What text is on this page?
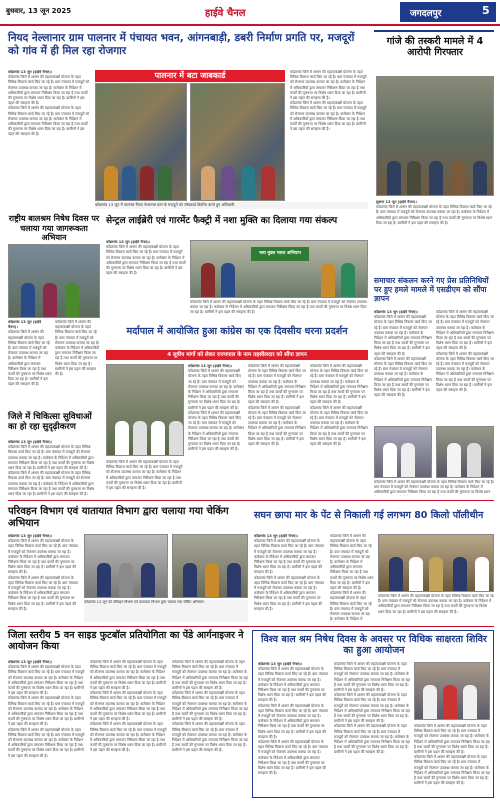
बुधवार, 13 जून 2025	हाईवे चैनल	जगदलपुर	5
नियद नेल्लानार ग्राम पालनार में पंचायत भवन, आंगनबाड़ी, डबरी निर्माण प्रगति पर, मजदूरों को गांव में ही मिल रहा रोजगार
कोंडागांव 13 जून (हाईवे चैनल)।
कोंडागांव जिले में शासन की महत्वाकांक्षी योजना के तहत विभिन्न विकास कार्य किए जा रहे हैं। ग्राम पंचायत में मजदूरों को रोजगार उपलब्ध कराया जा रहा है। कलेक्टर के निर्देशन में अधिकारियों द्वारा लगातार निरीक्षण किया जा रहा है तथा कार्यों की गुणवत्ता पर विशेष ध्यान दिया जा रहा है। ग्रामीणों ने इस पहल की सराहना की है।
कोंडागांव जिले में शासन की महत्वाकांक्षी योजना के तहत विभिन्न विकास कार्य किए जा रहे हैं। ग्राम पंचायत में मजदूरों को रोजगार उपलब्ध कराया जा रहा है। कलेक्टर के निर्देशन में अधिकारियों द्वारा लगातार निरीक्षण किया जा रहा है तथा कार्यों की गुणवत्ता पर विशेष ध्यान दिया जा रहा है। ग्रामीणों ने इस पहल की सराहना की है।
पालनार में बटा जाबकार्ड	कोंडागांव जिले में शासन की महत्वाकांक्षी योजना के तहत विभिन्न विकास कार्य किए जा रहे हैं। ग्राम पंचायत में मजदूरों को रोजगार उपलब्ध कराया जा रहा है। कलेक्टर के निर्देशन में अधिकारियों द्वारा लगातार निरीक्षण किया जा रहा है तथा कार्यों की गुणवत्ता पर विशेष ध्यान दिया जा रहा है। ग्रामीणों ने इस पहल की सराहना की है।
कोंडागांव जिले में शासन की महत्वाकांक्षी योजना के तहत विभिन्न विकास कार्य किए जा रहे हैं। ग्राम पंचायत में मजदूरों को रोजगार उपलब्ध कराया जा रहा है। कलेक्टर के निर्देशन में अधिकारियों द्वारा लगातार निरीक्षण किया जा रहा है तथा कार्यों की गुणवत्ता पर विशेष ध्यान दिया जा रहा है। ग्रामीणों ने इस पहल की सराहना की है।
कोंडागांव 13 जून में पालनार नियद नेल्लानार ग्राम के मजदूरों को जॉबकार्ड वितरित करते हुए अधिकारी
गांजे की तस्करी मामले में 4 आरोपी गिरफ्तार
सुकमा 13 जून (हाईवे चैनल)।
कोंडागांव जिले में शासन की महत्वाकांक्षी योजना के तहत विभिन्न विकास कार्य किए जा रहे हैं। ग्राम पंचायत में मजदूरों को रोजगार उपलब्ध कराया जा रहा है। कलेक्टर के निर्देशन में अधिकारियों द्वारा लगातार निरीक्षण किया जा रहा है तथा कार्यों की गुणवत्ता पर विशेष ध्यान दिया जा रहा है। ग्रामीणों ने इस पहल की सराहना की है।
राष्ट्रीय बालश्रम निषेध दिवस पर चलाया गया जागरूकता अभियान
कोंडागांव 13 जून (हाईवे चैनल)।
कोंडागांव जिले में शासन की महत्वाकांक्षी योजना के तहत विभिन्न विकास कार्य किए जा रहे हैं। ग्राम पंचायत में मजदूरों को रोजगार उपलब्ध कराया जा रहा है। कलेक्टर के निर्देशन में अधिकारियों द्वारा लगातार निरीक्षण किया जा रहा है तथा कार्यों की गुणवत्ता पर विशेष ध्यान दिया जा रहा है। ग्रामीणों ने इस पहल की सराहना की है।
कोंडागांव जिले में शासन की महत्वाकांक्षी योजना के तहत विभिन्न विकास कार्य किए जा रहे हैं। ग्राम पंचायत में मजदूरों को रोजगार उपलब्ध कराया जा रहा है। कलेक्टर के निर्देशन में अधिकारियों द्वारा लगातार निरीक्षण किया जा रहा है तथा कार्यों की गुणवत्ता पर विशेष ध्यान दिया जा रहा है। ग्रामीणों ने इस पहल की सराहना की है।
सेन्ट्रल लाईब्रेरी एवं गारमेंट फैक्ट्री में नशा मुक्ति का दिलाया गया संकल्प
कोंडागांव 13 जून (हाईवे चैनल)।
कोंडागांव जिले में शासन की महत्वाकांक्षी योजना के तहत विभिन्न विकास कार्य किए जा रहे हैं। ग्राम पंचायत में मजदूरों को रोजगार उपलब्ध कराया जा रहा है। कलेक्टर के निर्देशन में अधिकारियों द्वारा लगातार निरीक्षण किया जा रहा है तथा कार्यों की गुणवत्ता पर विशेष ध्यान दिया जा रहा है। ग्रामीणों ने इस पहल की सराहना की है।
नशा मुक्त भारत अभियान
कोंडागांव जिले में शासन की महत्वाकांक्षी योजना के तहत विभिन्न विकास कार्य किए जा रहे हैं। ग्राम पंचायत में मजदूरों को रोजगार उपलब्ध कराया जा रहा है। कलेक्टर के निर्देशन में अधिकारियों द्वारा लगातार निरीक्षण किया जा रहा है तथा कार्यों की गुणवत्ता पर विशेष ध्यान दिया जा रहा है। ग्रामीणों ने इस पहल की सराहना की है।
समाचार संकलन करने गए प्रेस प्रतिनिधियों पर हुए हमले मामले में एसडीएम को सौंपा ज्ञापन
कोंडागांव 13 जून (हाईवे चैनल)।
कोंडागांव जिले में शासन की महत्वाकांक्षी योजना के तहत विभिन्न विकास कार्य किए जा रहे हैं। ग्राम पंचायत में मजदूरों को रोजगार उपलब्ध कराया जा रहा है। कलेक्टर के निर्देशन में अधिकारियों द्वारा लगातार निरीक्षण किया जा रहा है तथा कार्यों की गुणवत्ता पर विशेष ध्यान दिया जा रहा है। ग्रामीणों ने इस पहल की सराहना की है।
कोंडागांव जिले में शासन की महत्वाकांक्षी योजना के तहत विभिन्न विकास कार्य किए जा रहे हैं। ग्राम पंचायत में मजदूरों को रोजगार उपलब्ध कराया जा रहा है। कलेक्टर के निर्देशन में अधिकारियों द्वारा लगातार निरीक्षण किया जा रहा है तथा कार्यों की गुणवत्ता पर विशेष ध्यान दिया जा रहा है। ग्रामीणों ने इस पहल की सराहना की है।
कोंडागांव जिले में शासन की महत्वाकांक्षी योजना के तहत विभिन्न विकास कार्य किए जा रहे हैं। ग्राम पंचायत में मजदूरों को रोजगार उपलब्ध कराया जा रहा है। कलेक्टर के निर्देशन में अधिकारियों द्वारा लगातार निरीक्षण किया जा रहा है तथा कार्यों की गुणवत्ता पर विशेष ध्यान दिया जा रहा है। ग्रामीणों ने इस पहल की सराहना की है।
कोंडागांव जिले में शासन की महत्वाकांक्षी योजना के तहत विभिन्न विकास कार्य किए जा रहे हैं। ग्राम पंचायत में मजदूरों को रोजगार उपलब्ध कराया जा रहा है। कलेक्टर के निर्देशन में अधिकारियों द्वारा लगातार निरीक्षण किया जा रहा है तथा कार्यों की गुणवत्ता पर विशेष ध्यान दिया जा रहा है। ग्रामीणों ने इस पहल की सराहना की है।
जिले में चिकित्सा सुविधाओं का हो रहा सुदृढ़ीकरण
कोंडागांव 13 जून (हाईवे चैनल)।
कोंडागांव जिले में शासन की महत्वाकांक्षी योजना के तहत विभिन्न विकास कार्य किए जा रहे हैं। ग्राम पंचायत में मजदूरों को रोजगार उपलब्ध कराया जा रहा है। कलेक्टर के निर्देशन में अधिकारियों द्वारा लगातार निरीक्षण किया जा रहा है तथा कार्यों की गुणवत्ता पर विशेष ध्यान दिया जा रहा है। ग्रामीणों ने इस पहल की सराहना की है।
कोंडागांव जिले में शासन की महत्वाकांक्षी योजना के तहत विभिन्न विकास कार्य किए जा रहे हैं। ग्राम पंचायत में मजदूरों को रोजगार उपलब्ध कराया जा रहा है। कलेक्टर के निर्देशन में अधिकारियों द्वारा लगातार निरीक्षण किया जा रहा है तथा कार्यों की गुणवत्ता पर विशेष ध्यान दिया जा रहा है। ग्रामीणों ने इस पहल की सराहना की है।
मर्दापाल में आयोजित हुआ कांग्रेस का एक दिवसीय धरना प्रदर्शन
4 सूत्रीय मांगों को लेकर राज्यपाल के नाम तहसीलदार को सौंपा ज्ञापन
कोंडागांव 13 जून (हाईवे चैनल)।
कोंडागांव जिले में शासन की महत्वाकांक्षी योजना के तहत विभिन्न विकास कार्य किए जा रहे हैं। ग्राम पंचायत में मजदूरों को रोजगार उपलब्ध कराया जा रहा है। कलेक्टर के निर्देशन में अधिकारियों द्वारा लगातार निरीक्षण किया जा रहा है तथा कार्यों की गुणवत्ता पर विशेष ध्यान दिया जा रहा है। ग्रामीणों ने इस पहल की सराहना की है।
कोंडागांव जिले में शासन की महत्वाकांक्षी योजना के तहत विभिन्न विकास कार्य किए जा रहे हैं। ग्राम पंचायत में मजदूरों को रोजगार उपलब्ध कराया जा रहा है। कलेक्टर के निर्देशन में अधिकारियों द्वारा लगातार निरीक्षण किया जा रहा है तथा कार्यों की गुणवत्ता पर विशेष ध्यान दिया जा रहा है। ग्रामीणों ने इस पहल की सराहना की है।
कोंडागांव जिले में शासन की महत्वाकांक्षी योजना के तहत विभिन्न विकास कार्य किए जा रहे हैं। ग्राम पंचायत में मजदूरों को रोजगार उपलब्ध कराया जा रहा है। कलेक्टर के निर्देशन में अधिकारियों द्वारा लगातार निरीक्षण किया जा रहा है तथा कार्यों की गुणवत्ता पर विशेष ध्यान दिया जा रहा है। ग्रामीणों ने इस पहल की सराहना की है।
कोंडागांव जिले में शासन की महत्वाकांक्षी योजना के तहत विभिन्न विकास कार्य किए जा रहे हैं। ग्राम पंचायत में मजदूरों को रोजगार उपलब्ध कराया जा रहा है। कलेक्टर के निर्देशन में अधिकारियों द्वारा लगातार निरीक्षण किया जा रहा है तथा कार्यों की गुणवत्ता पर विशेष ध्यान दिया जा रहा है। ग्रामीणों ने इस पहल की सराहना की है।
कोंडागांव जिले में शासन की महत्वाकांक्षी योजना के तहत विभिन्न विकास कार्य किए जा रहे हैं। ग्राम पंचायत में मजदूरों को रोजगार उपलब्ध कराया जा रहा है। कलेक्टर के निर्देशन में अधिकारियों द्वारा लगातार निरीक्षण किया जा रहा है तथा कार्यों की गुणवत्ता पर विशेष ध्यान दिया जा रहा है। ग्रामीणों ने इस पहल की सराहना की है।
कोंडागांव जिले में शासन की महत्वाकांक्षी योजना के तहत विभिन्न विकास कार्य किए जा रहे हैं। ग्राम पंचायत में मजदूरों को रोजगार उपलब्ध कराया जा रहा है। कलेक्टर के निर्देशन में अधिकारियों द्वारा लगातार निरीक्षण किया जा रहा है तथा कार्यों की गुणवत्ता पर विशेष ध्यान दिया जा रहा है। ग्रामीणों ने इस पहल की सराहना की है।
कोंडागांव जिले में शासन की महत्वाकांक्षी योजना के तहत विभिन्न विकास कार्य किए जा रहे हैं। ग्राम पंचायत में मजदूरों को रोजगार उपलब्ध कराया जा रहा है। कलेक्टर के निर्देशन में अधिकारियों द्वारा लगातार निरीक्षण किया जा रहा है तथा कार्यों की गुणवत्ता पर विशेष ध्यान दिया जा रहा है। ग्रामीणों ने इस पहल की सराहना की है।
कोंडागांव जिले में शासन की महत्वाकांक्षी योजना के तहत विभिन्न विकास कार्य किए जा रहे हैं। ग्राम पंचायत में मजदूरों को रोजगार उपलब्ध कराया जा रहा है। कलेक्टर के निर्देशन में अधिकारियों द्वारा लगातार निरीक्षण किया जा रहा है तथा कार्यों की गुणवत्ता पर विशेष ध्यान
परिवहन विभाग एवं यातायात विभाग द्वारा चलाया गया चेकिंग अभियान
कोंडागांव 13 जून (हाईवे चैनल)।
कोंडागांव जिले में शासन की महत्वाकांक्षी योजना के तहत विभिन्न विकास कार्य किए जा रहे हैं। ग्राम पंचायत में मजदूरों को रोजगार उपलब्ध कराया जा रहा है। कलेक्टर के निर्देशन में अधिकारियों द्वारा लगातार निरीक्षण किया जा रहा है तथा कार्यों की गुणवत्ता पर विशेष ध्यान दिया जा रहा है। ग्रामीणों ने इस पहल की सराहना की है।
कोंडागांव जिले में शासन की महत्वाकांक्षी योजना के तहत विभिन्न विकास कार्य किए जा रहे हैं। ग्राम पंचायत में मजदूरों को रोजगार उपलब्ध कराया जा रहा है। कलेक्टर के निर्देशन में अधिकारियों द्वारा लगातार निरीक्षण किया जा रहा है तथा कार्यों की गुणवत्ता पर विशेष ध्यान दिया जा रहा है। ग्रामीणों ने इस पहल की सराहना की है।
कोंडागांव 13 जून को परिवहन विभाग एवं यातायात विभाग द्वारा चलाया गया चेकिंग अभियान
सघन छापा मार के पेंट से निकाली गई लगभग 80 किलो पॉलीथीन
कोंडागांव 13 जून (हाईवे चैनल)।
कोंडागांव जिले में शासन की महत्वाकांक्षी योजना के तहत विभिन्न विकास कार्य किए जा रहे हैं। ग्राम पंचायत में मजदूरों को रोजगार उपलब्ध कराया जा रहा है। कलेक्टर के निर्देशन में अधिकारियों द्वारा लगातार निरीक्षण किया जा रहा है तथा कार्यों की गुणवत्ता पर विशेष ध्यान दिया जा रहा है। ग्रामीणों ने इस पहल की सराहना की है।
कोंडागांव जिले में शासन की महत्वाकांक्षी योजना के तहत विभिन्न विकास कार्य किए जा रहे हैं। ग्राम पंचायत में मजदूरों को रोजगार उपलब्ध कराया जा रहा है। कलेक्टर के निर्देशन में अधिकारियों द्वारा लगातार निरीक्षण किया जा रहा है तथा कार्यों की गुणवत्ता पर विशेष ध्यान दिया जा रहा है। ग्रामीणों ने इस पहल की सराहना की है।
कोंडागांव जिले में शासन की महत्वाकांक्षी योजना के तहत विभिन्न विकास कार्य किए जा रहे हैं। ग्राम पंचायत में मजदूरों को रोजगार उपलब्ध कराया जा रहा है। कलेक्टर के निर्देशन में अधिकारियों द्वारा लगातार निरीक्षण किया जा रहा है तथा कार्यों की गुणवत्ता पर विशेष ध्यान दिया जा रहा है। ग्रामीणों ने इस पहल की सराहना की है।
कोंडागांव जिले में शासन की महत्वाकांक्षी योजना के तहत विभिन्न विकास कार्य किए जा रहे हैं। ग्राम पंचायत में मजदूरों को रोजगार उपलब्ध कराया जा रहा है। कलेक्टर के निर्देशन में
कोंडागांव जिले में शासन की महत्वाकांक्षी योजना के तहत विभिन्न विकास कार्य किए जा रहे हैं। ग्राम पंचायत में मजदूरों को रोजगार उपलब्ध कराया जा रहा है। कलेक्टर के निर्देशन में अधिकारियों द्वारा लगातार निरीक्षण किया जा रहा है तथा कार्यों की गुणवत्ता पर विशेष ध्यान दिया जा रहा है। ग्रामीणों ने इस पहल की सराहना की है।
जिला स्तरीय 5 वन साइड फुटबॉल प्रतियोगिता का पेंडे आर्गनाइजर ने आयोजन किया
कोंडागांव 13 जून (हाईवे चैनल)।
कोंडागांव जिले में शासन की महत्वाकांक्षी योजना के तहत विभिन्न विकास कार्य किए जा रहे हैं। ग्राम पंचायत में मजदूरों को रोजगार उपलब्ध कराया जा रहा है। कलेक्टर के निर्देशन में अधिकारियों द्वारा लगातार निरीक्षण किया जा रहा है तथा कार्यों की गुणवत्ता पर विशेष ध्यान दिया जा रहा है। ग्रामीणों ने इस पहल की सराहना की है।
कोंडागांव जिले में शासन की महत्वाकांक्षी योजना के तहत विभिन्न विकास कार्य किए जा रहे हैं। ग्राम पंचायत में मजदूरों को रोजगार उपलब्ध कराया जा रहा है। कलेक्टर के निर्देशन में अधिकारियों द्वारा लगातार निरीक्षण किया जा रहा है तथा कार्यों की गुणवत्ता पर विशेष ध्यान दिया जा रहा है। ग्रामीणों ने इस पहल की सराहना की है।
कोंडागांव जिले में शासन की महत्वाकांक्षी योजना के तहत विभिन्न विकास कार्य किए जा रहे हैं। ग्राम पंचायत में मजदूरों को रोजगार उपलब्ध कराया जा रहा है। कलेक्टर के निर्देशन में अधिकारियों द्वारा लगातार निरीक्षण किया जा रहा है तथा कार्यों की गुणवत्ता पर विशेष ध्यान दिया जा रहा है। ग्रामीणों ने इस पहल की सराहना की है।
कोंडागांव जिले में शासन की महत्वाकांक्षी योजना के तहत विभिन्न विकास कार्य किए जा रहे हैं। ग्राम पंचायत में मजदूरों को रोजगार उपलब्ध कराया जा रहा है। कलेक्टर के निर्देशन में अधिकारियों द्वारा लगातार निरीक्षण किया जा रहा है तथा कार्यों की गुणवत्ता पर विशेष ध्यान दिया जा रहा है। ग्रामीणों ने इस पहल की सराहना की है।
कोंडागांव जिले में शासन की महत्वाकांक्षी योजना के तहत विभिन्न विकास कार्य किए जा रहे हैं। ग्राम पंचायत में मजदूरों को रोजगार उपलब्ध कराया जा रहा है। कलेक्टर के निर्देशन में अधिकारियों द्वारा लगातार निरीक्षण किया जा रहा है तथा कार्यों की गुणवत्ता पर विशेष ध्यान दिया जा रहा है। ग्रामीणों ने इस पहल की सराहना की है।
कोंडागांव जिले में शासन की महत्वाकांक्षी योजना के तहत विभिन्न विकास कार्य किए जा रहे हैं। ग्राम पंचायत में मजदूरों को रोजगार उपलब्ध कराया जा रहा है। कलेक्टर के निर्देशन में अधिकारियों द्वारा लगातार निरीक्षण किया जा रहा है तथा कार्यों की गुणवत्ता पर विशेष ध्यान दिया जा रहा है। ग्रामीणों ने इस पहल की सराहना की है।
कोंडागांव जिले में शासन की महत्वाकांक्षी योजना के तहत विभिन्न विकास कार्य किए जा रहे हैं। ग्राम पंचायत में मजदूरों को रोजगार उपलब्ध कराया जा रहा है। कलेक्टर के निर्देशन में अधिकारियों द्वारा लगातार निरीक्षण किया जा रहा है तथा कार्यों की गुणवत्ता पर विशेष ध्यान दिया जा रहा है। ग्रामीणों ने इस पहल की सराहना की है।
कोंडागांव जिले में शासन की महत्वाकांक्षी योजना के तहत विभिन्न विकास कार्य किए जा रहे हैं। ग्राम पंचायत में मजदूरों को रोजगार उपलब्ध कराया जा रहा है। कलेक्टर के निर्देशन में अधिकारियों द्वारा लगातार निरीक्षण किया जा रहा है तथा कार्यों की गुणवत्ता पर विशेष ध्यान दिया जा रहा है। ग्रामीणों ने इस पहल की सराहना की है।
कोंडागांव जिले में शासन की महत्वाकांक्षी योजना के तहत विभिन्न विकास कार्य किए जा रहे हैं। ग्राम पंचायत में मजदूरों को रोजगार उपलब्ध कराया जा रहा है। कलेक्टर के निर्देशन में अधिकारियों द्वारा लगातार निरीक्षण किया जा रहा है तथा कार्यों की गुणवत्ता पर विशेष ध्यान दिया जा रहा है। ग्रामीणों ने इस पहल की सराहना की है।
विश्व बाल श्रम निषेध दिवस के अवसर पर विधिक साक्षरता शिविर का हुआ आयोजन
कोंडागांव 13 जून (हाईवे चैनल)।
कोंडागांव जिले में शासन की महत्वाकांक्षी योजना के तहत विभिन्न विकास कार्य किए जा रहे हैं। ग्राम पंचायत में मजदूरों को रोजगार उपलब्ध कराया जा रहा है। कलेक्टर के निर्देशन में अधिकारियों द्वारा लगातार निरीक्षण किया जा रहा है तथा कार्यों की गुणवत्ता पर विशेष ध्यान दिया जा रहा है। ग्रामीणों ने इस पहल की सराहना की है।
कोंडागांव जिले में शासन की महत्वाकांक्षी योजना के तहत विभिन्न विकास कार्य किए जा रहे हैं। ग्राम पंचायत में मजदूरों को रोजगार उपलब्ध कराया जा रहा है। कलेक्टर के निर्देशन में अधिकारियों द्वारा लगातार निरीक्षण किया जा रहा है तथा कार्यों की गुणवत्ता पर विशेष ध्यान दिया जा रहा है। ग्रामीणों ने इस पहल की सराहना की है।
कोंडागांव जिले में शासन की महत्वाकांक्षी योजना के तहत विभिन्न विकास कार्य किए जा रहे हैं। ग्राम पंचायत में मजदूरों को रोजगार उपलब्ध कराया जा रहा है। कलेक्टर के निर्देशन में अधिकारियों द्वारा लगातार निरीक्षण किया जा रहा है तथा कार्यों की गुणवत्ता पर विशेष ध्यान दिया जा रहा है। ग्रामीणों ने इस पहल की सराहना की है।
कोंडागांव जिले में शासन की महत्वाकांक्षी योजना के तहत विभिन्न विकास कार्य किए जा रहे हैं। ग्राम पंचायत में मजदूरों को रोजगार उपलब्ध कराया जा रहा है। कलेक्टर के निर्देशन में अधिकारियों द्वारा लगातार निरीक्षण किया जा रहा है तथा कार्यों की गुणवत्ता पर विशेष ध्यान दिया जा रहा है। ग्रामीणों ने इस पहल की सराहना की है।
कोंडागांव जिले में शासन की महत्वाकांक्षी योजना के तहत विभिन्न विकास कार्य किए जा रहे हैं। ग्राम पंचायत में मजदूरों को रोजगार उपलब्ध कराया जा रहा है। कलेक्टर के निर्देशन में अधिकारियों द्वारा लगातार निरीक्षण किया जा रहा है तथा कार्यों की गुणवत्ता पर विशेष ध्यान दिया जा रहा है। ग्रामीणों ने इस पहल की सराहना की है।
कोंडागांव जिले में शासन की महत्वाकांक्षी योजना के तहत विभिन्न विकास कार्य किए जा रहे हैं। ग्राम पंचायत में मजदूरों को रोजगार उपलब्ध कराया जा रहा है। कलेक्टर के निर्देशन में अधिकारियों द्वारा लगातार निरीक्षण किया जा रहा है तथा कार्यों की गुणवत्ता पर विशेष ध्यान दिया जा रहा है। ग्रामीणों ने इस पहल की सराहना की है।
कोंडागांव जिले में शासन की महत्वाकांक्षी योजना के तहत विभिन्न विकास कार्य किए जा रहे हैं। ग्राम पंचायत में मजदूरों को रोजगार उपलब्ध कराया जा रहा है। कलेक्टर के निर्देशन में अधिकारियों द्वारा लगातार निरीक्षण किया जा रहा है तथा कार्यों की गुणवत्ता पर विशेष ध्यान दिया जा रहा है। ग्रामीणों ने इस पहल की सराहना की है।
कोंडागांव जिले में शासन की महत्वाकांक्षी योजना के तहत विभिन्न विकास कार्य किए जा रहे हैं। ग्राम पंचायत में मजदूरों को रोजगार उपलब्ध कराया जा रहा है। कलेक्टर के निर्देशन में अधिकारियों द्वारा लगातार निरीक्षण किया जा रहा है तथा कार्यों की गुणवत्ता पर विशेष ध्यान दिया जा रहा है। ग्रामीणों ने इस पहल की सराहना की है।
